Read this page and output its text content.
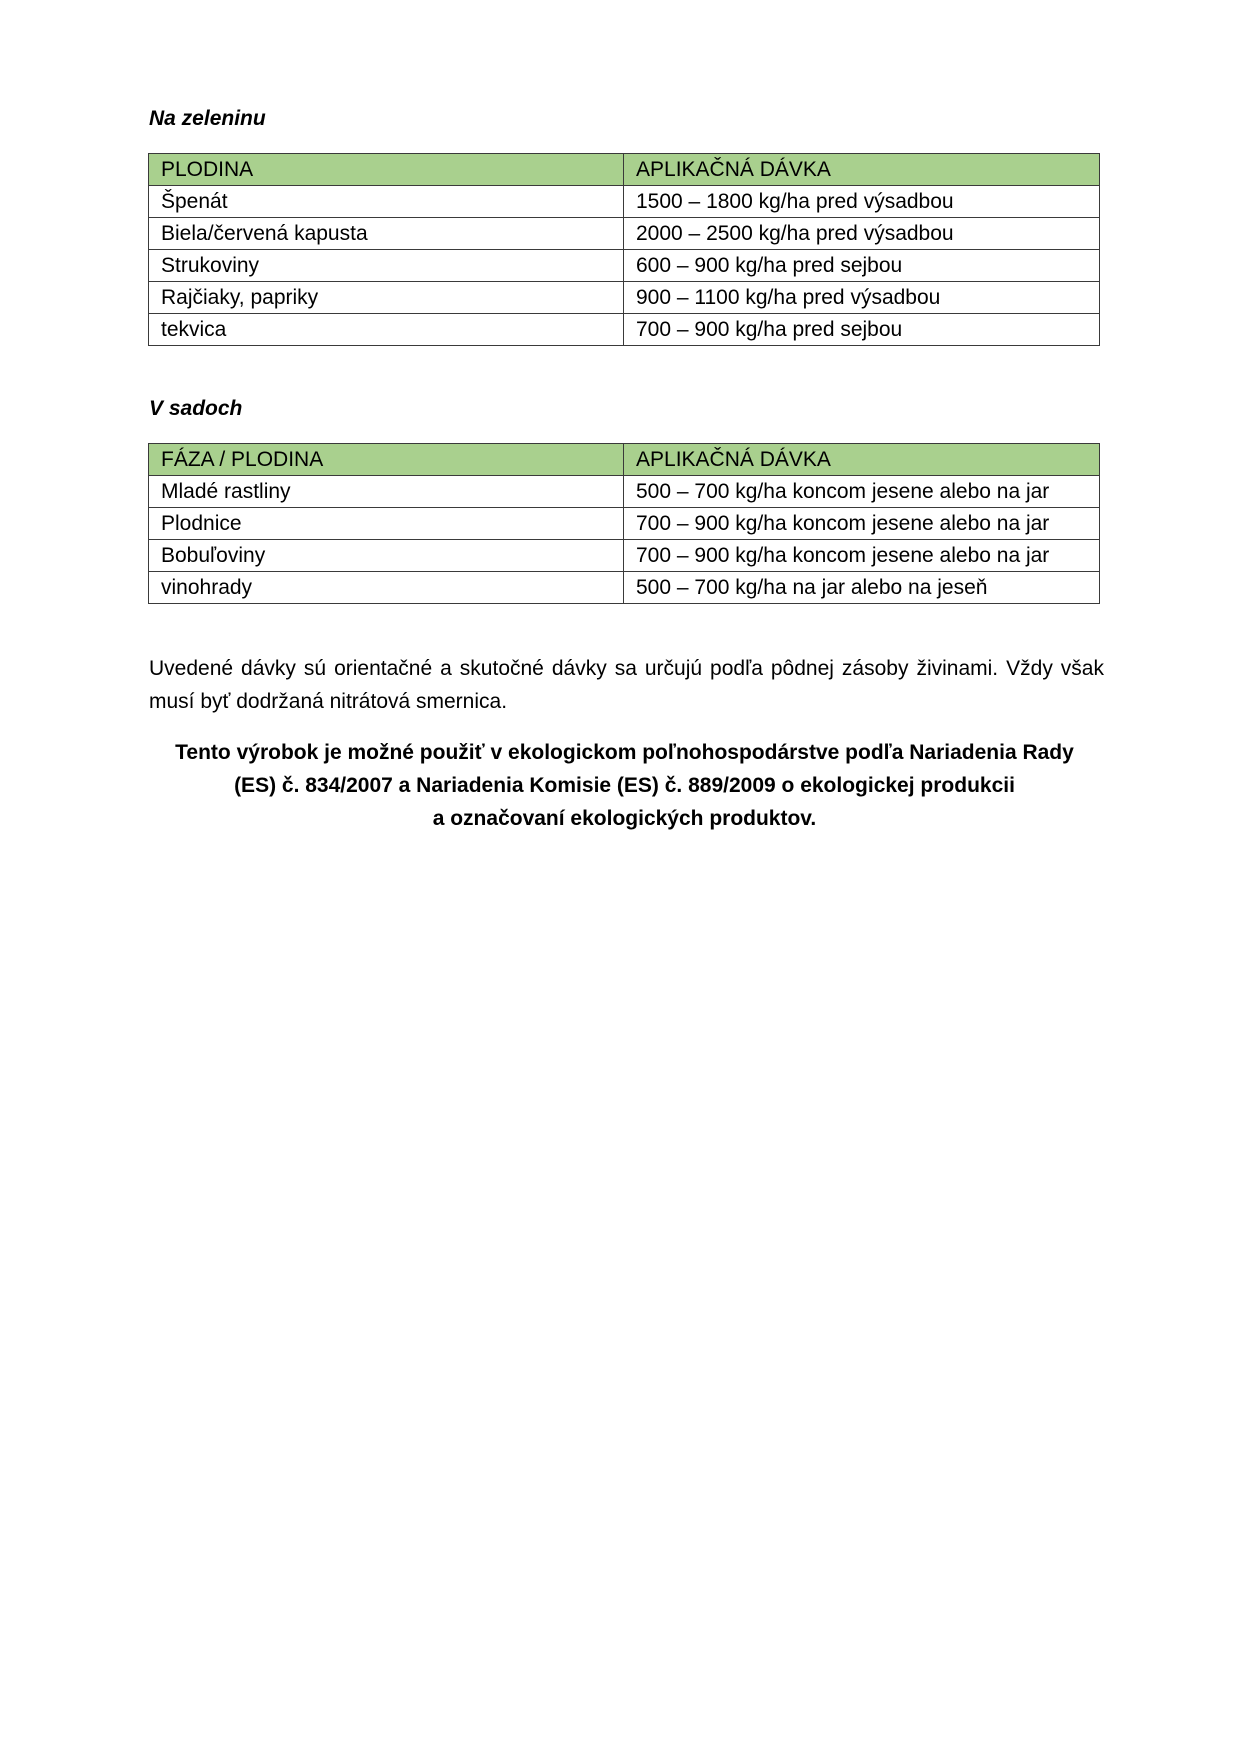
Na zeleninu

PLODINA	APLIKAČNÁ DÁVKA
Špenát	1500 – 1800 kg/ha pred výsadbou
Biela/červená kapusta	2000 – 2500 kg/ha pred výsadbou
Strukoviny	600 – 900 kg/ha pred sejbou
Rajčiaky, papriky	900 – 1100 kg/ha pred výsadbou
tekvica	700 – 900 kg/ha pred sejbou

V sadoch

FÁZA / PLODINA	APLIKAČNÁ DÁVKA
Mladé rastliny	500 – 700 kg/ha koncom jesene alebo na jar
Plodnice	700 – 900 kg/ha koncom jesene alebo na jar
Bobuľoviny	700 – 900 kg/ha koncom jesene alebo na jar
vinohrady	500 – 700 kg/ha na jar alebo na jeseň

Uvedené dávky sú orientačné a skutočné dávky sa určujú podľa pôdnej zásoby živinami. Vždy však musí byť dodržaná nitrátová smernica.

Tento výrobok je možné použiť v ekologickom poľnohospodárstve podľa Nariadenia Rady
(ES) č. 834/2007 a Nariadenia Komisie (ES) č. 889/2009 o ekologickej produkcii
a označovaní ekologických produktov.
